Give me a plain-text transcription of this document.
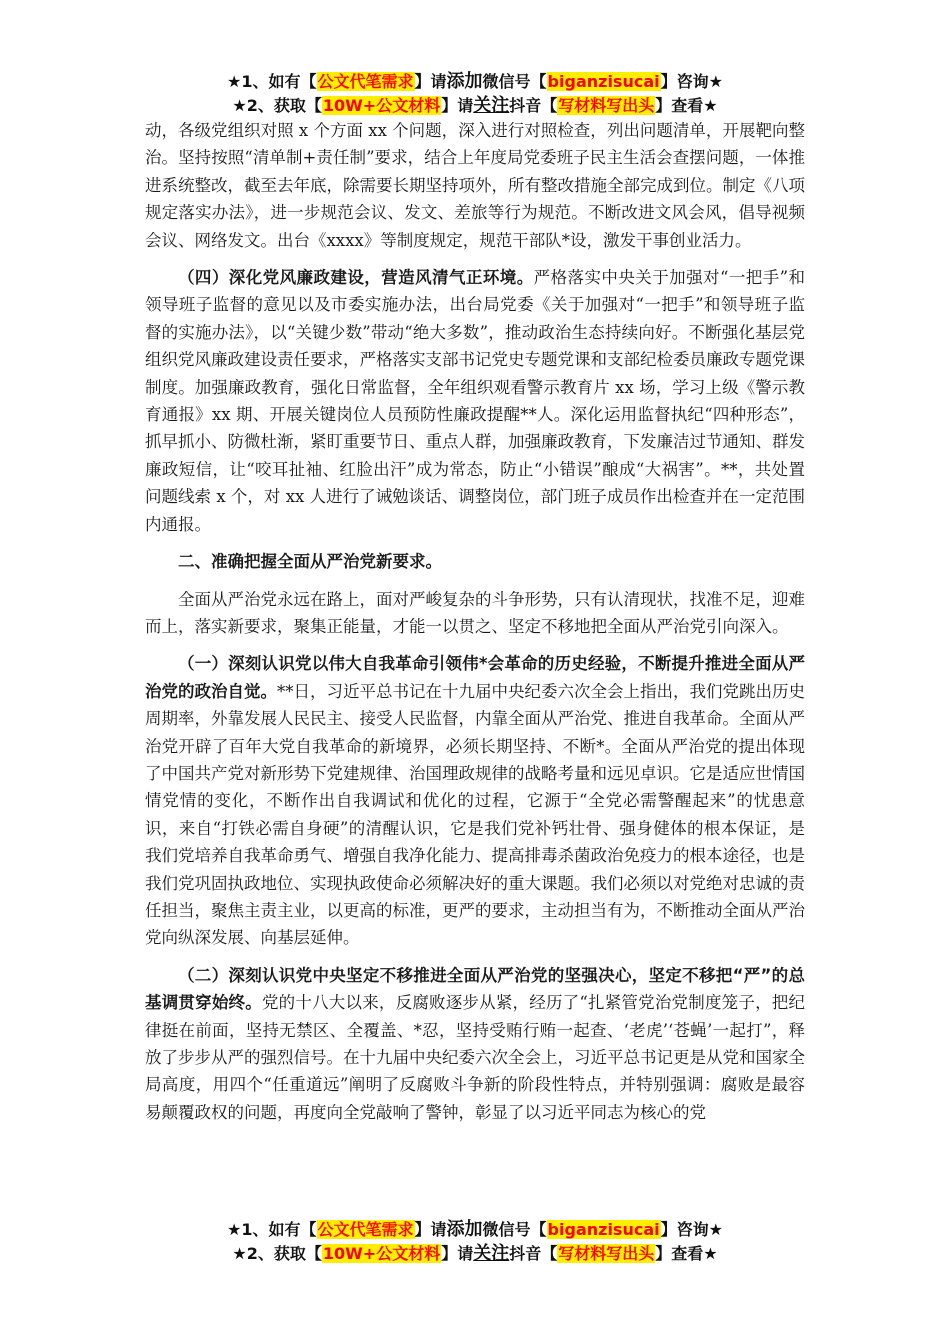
★1、如有【公文代笔需求】请添加微信号【biganzisucai】咨询★
★2、获取【10W+公文材料】请关注抖音【写材料写出头】查看★

动，各级党组织对照 x 个方面 xx 个问题，深入进行对照检查，列出问题清单，开展靶向整治。坚持按照“清单制+责任制”要求，结合上年度局党委班子民主生活会查摆问题，一体推进系统整改，截至去年底，除需要长期坚持项外，所有整改措施全部完成到位。制定《八项规定落实办法》，进一步规范会议、发文、差旅等行为规范。不断改进文风会风，倡导视频会议、网络发文。出台《xxxx》等制度规定，规范干部队*设，激发干事创业活力。

（四）深化党风廉政建设，营造风清气正环境。严格落实中央关于加强对“一把手”和领导班子监督的意见以及市委实施办法，出台局党委《关于加强对“一把手”和领导班子监督的实施办法》，以“关键少数”带动“绝大多数”，推动政治生态持续向好。不断强化基层党组织党风廉政建设责任要求，严格落实支部书记党史专题党课和支部纪检委员廉政专题党课制度。加强廉政教育，强化日常监督，全年组织观看警示教育片 xx 场，学习上级《警示教育通报》xx 期、开展关键岗位人员预防性廉政提醒**人。深化运用监督执纪“四种形态”，抓早抓小、防微杜渐，紧盯重要节日、重点人群，加强廉政教育，下发廉洁过节通知、群发廉政短信，让“咬耳扯袖、红脸出汗”成为常态，防止“小错误”酿成“大祸害”。**，共处置问题线索 x 个，对 xx 人进行了诫勉谈话、调整岗位，部门班子成员作出检查并在一定范围内通报。

二、准确把握全面从严治党新要求。

全面从严治党永远在路上，面对严峻复杂的斗争形势，只有认清现状，找准不足，迎难而上，落实新要求，聚集正能量，才能一以贯之、坚定不移地把全面从严治党引向深入。

（一）深刻认识党以伟大自我革命引领伟*会革命的历史经验，不断提升推进全面从严治党的政治自觉。**日，习近平总书记在十九届中央纪委六次全会上指出，我们党跳出历史周期率，外靠发展人民民主、接受人民监督，内靠全面从严治党、推进自我革命。全面从严治党开辟了百年大党自我革命的新境界，必须长期坚持、不断*。全面从严治党的提出体现了中国共产党对新形势下党建规律、治国理政规律的战略考量和远见卓识。它是适应世情国情党情的变化，不断作出自我调试和优化的过程，它源于“全党必需警醒起来”的忧患意识，来自“打铁必需自身硬”的清醒认识，它是我们党补钙壮骨、强身健体的根本保证，是我们党培养自我革命勇气、增强自我净化能力、提高排毒杀菌政治免疫力的根本途径，也是我们党巩固执政地位、实现执政使命必须解决好的重大课题。我们必须以对党绝对忠诚的责任担当，聚焦主责主业，以更高的标准，更严的要求，主动担当有为，不断推动全面从严治党向纵深发展、向基层延伸。

（二）深刻认识党中央坚定不移推进全面从严治党的坚强决心，坚定不移把“严”的总基调贯穿始终。党的十八大以来，反腐败逐步从紧，经历了“扎紧管党治党制度笼子，把纪律挺在前面，坚持无禁区、全覆盖、*忍，坚持受贿行贿一起查、‘老虎’‘苍蝇’一起打”，释放了步步从严的强烈信号。在十九届中央纪委六次全会上，习近平总书记更是从党和国家全局高度，用四个“任重道远”阐明了反腐败斗争新的阶段性特点，并特别强调：腐败是最容易颠覆政权的问题，再度向全党敲响了警钟，彰显了以习近平同志为核心的党

★1、如有【公文代笔需求】请添加微信号【biganzisucai】咨询★
★2、获取【10W+公文材料】请关注抖音【写材料写出头】查看★
